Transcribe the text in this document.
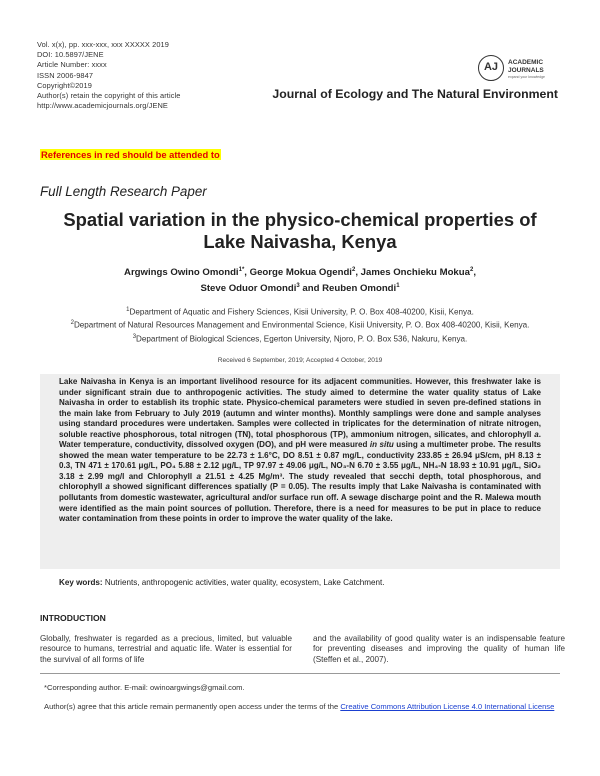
Vol. x(x), pp. xxx-xxx, xxx XXXXX 2019
DOI: 10.5897/JENE
Article Number: xxxx
ISSN 2006-9847
Copyright©2019
Author(s) retain the copyright of this article
http://www.academicjournals.org/JENE
AJ	ACADEMIC
JOURNALS
expand your knowledge
Journal of Ecology and The Natural Environment
References in red should be attended to
Full Length Research Paper
Spatial variation in the physico-chemical properties of Lake Naivasha, Kenya
Argwings Owino Omondi$^{1*}$, George Mokua Ogendi$^2$, James Onchieku Mokua$^2$,
Steve Oduor Omondi$^3$ and Reuben Omondi$^1$
$^1$Department of Aquatic and Fishery Sciences, Kisii University, P. O. Box 408-40200, Kisii, Kenya.
$^2$Department of Natural Resources Management and Environmental Science, Kisii University, P. O. Box 408-40200, Kisii, Kenya.
$^3$Department of Biological Sciences, Egerton University, Njoro, P. O. Box 536, Nakuru, Kenya.
Received 6 September, 2019; Accepted 4 October, 2019

Lake Naivasha in Kenya is an important livelihood resource for its adjacent communities. However, this freshwater lake is under significant strain due to anthropogenic activities. The study aimed to determine the water quality status of Lake Naivasha in order to establish its trophic state. Physico-chemical parameters were studied in seven pre-defined stations in the main lake from February to July 2019 (autumn and winter months). Monthly samplings were done and sample analyses using standard procedures were undertaken. Samples were collected in triplicates for the determination of nitrate nitrogen, soluble reactive phosphorous, total nitrogen (TN), total phosphorous (TP), ammonium nitrogen, silicates, and chlorophyll a. Water temperature, conductivity, dissolved oxygen (DO), and pH were measured in situ using a multimeter probe. The results showed the mean water temperature to be 22.73 ± 1.6°C, DO 8.51 ± 0.87 mg/L, conductivity 233.85 ± 26.94 μS/cm, pH 8.13 ± 0.3, TN 471 ± 170.61 μg/L, PO₄ 5.88 ± 2.12 μg/L, TP 97.97 ± 49.06 μg/L, NO₃-N 6.70 ± 3.55 μg/L, NH₄-N 18.93 ± 10.91 μg/L, SiO₂ 3.18 ± 2.99 mg/l and Chlorophyll a 21.51 ± 4.25 Mg/m³. The study revealed that secchi depth, total phosphorous, and chlorophyll a showed significant differences spatially (P = 0.05). The results imply that Lake Naivasha is contaminated with pollutants from domestic wastewater, agricultural and/or surface run off. A sewage discharge point and the R. Malewa mouth were identified as the main point sources of pollution. Therefore, there is a need for measures to be put in place to reduce water contamination from these points in order to improve the water quality of the lake.

Key words: Nutrients, anthropogenic activities, water quality, ecosystem, Lake Catchment.
INTRODUCTION
Globally, freshwater is regarded as a precious, limited, but valuable resource to humans, terrestrial and aquatic life. Water is essential for the survival of all forms of life
and the availability of good quality water is an indispensable feature for preventing diseases and improving the quality of human life (Steffen et al., 2007).
*Corresponding author. E-mail: owinoargwings@gmail.com.
Author(s) agree that this article remain permanently open access under the terms of the Creative Commons Attribution License 4.0 International License
